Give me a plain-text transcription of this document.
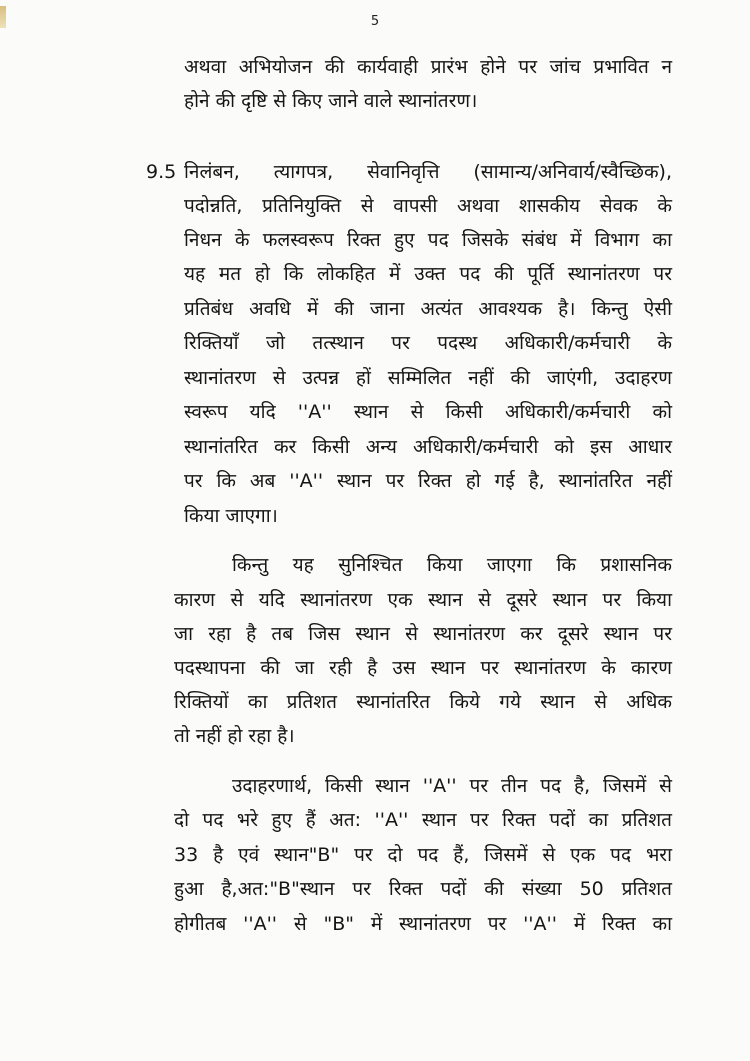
5
अथवा अभियोजन की कार्यवाही प्रारंभ होने पर जांच प्रभावित न
होने की दृष्टि से किए जाने वाले स्थानांतरण।
9.5 निलंबन, त्यागपत्र, सेवानिवृत्ति (सामान्य/अनिवार्य/स्वैच्छिक),
पदोन्नति, प्रतिनियुक्ति से वापसी अथवा शासकीय सेवक के
निधन के फलस्वरूप रिक्त हुए पद जिसके संबंध में विभाग का
यह मत हो कि लोकहित में उक्त पद की पूर्ति स्थानांतरण पर
प्रतिबंध अवधि में की जाना अत्यंत आवश्यक है। किन्तु ऐसी
रिक्तियाँ जो तत्स्थान पर पदस्थ अधिकारी/कर्मचारी के
स्थानांतरण से उत्पन्न हों सम्मिलित नहीं की जाएंगी, उदाहरण
स्वरूप यदि ''A'' स्थान से किसी अधिकारी/कर्मचारी को
स्थानांतरित कर किसी अन्य अधिकारी/कर्मचारी को इस आधार
पर कि अब ''A'' स्थान पर रिक्त हो गई है, स्थानांतरित नहीं
किया जाएगा।
किन्तु यह सुनिश्चित किया जाएगा कि प्रशासनिक
कारण से यदि स्थानांतरण एक स्थान से दूसरे स्थान पर किया
जा रहा है तब जिस स्थान से स्थानांतरण कर दूसरे स्थान पर
पदस्थापना की जा रही है उस स्थान पर स्थानांतरण के कारण
रिक्तियों का प्रतिशत स्थानांतरित किये गये स्थान से अधिक
तो नहीं हो रहा है।
उदाहरणार्थ, किसी स्थान ''A'' पर तीन पद है, जिसमें से
दो पद भरे हुए हैं अत: ''A'' स्थान पर रिक्त पदों का प्रतिशत
33 है एवं स्थान"B" पर दो पद हैं, जिसमें से एक पद भरा
हुआ है,अत:"B"स्थान पर रिक्त पदों की संख्या 50 प्रतिशत
होगीतब ''A'' से "B" में स्थानांतरण पर ''A'' में रिक्त का
